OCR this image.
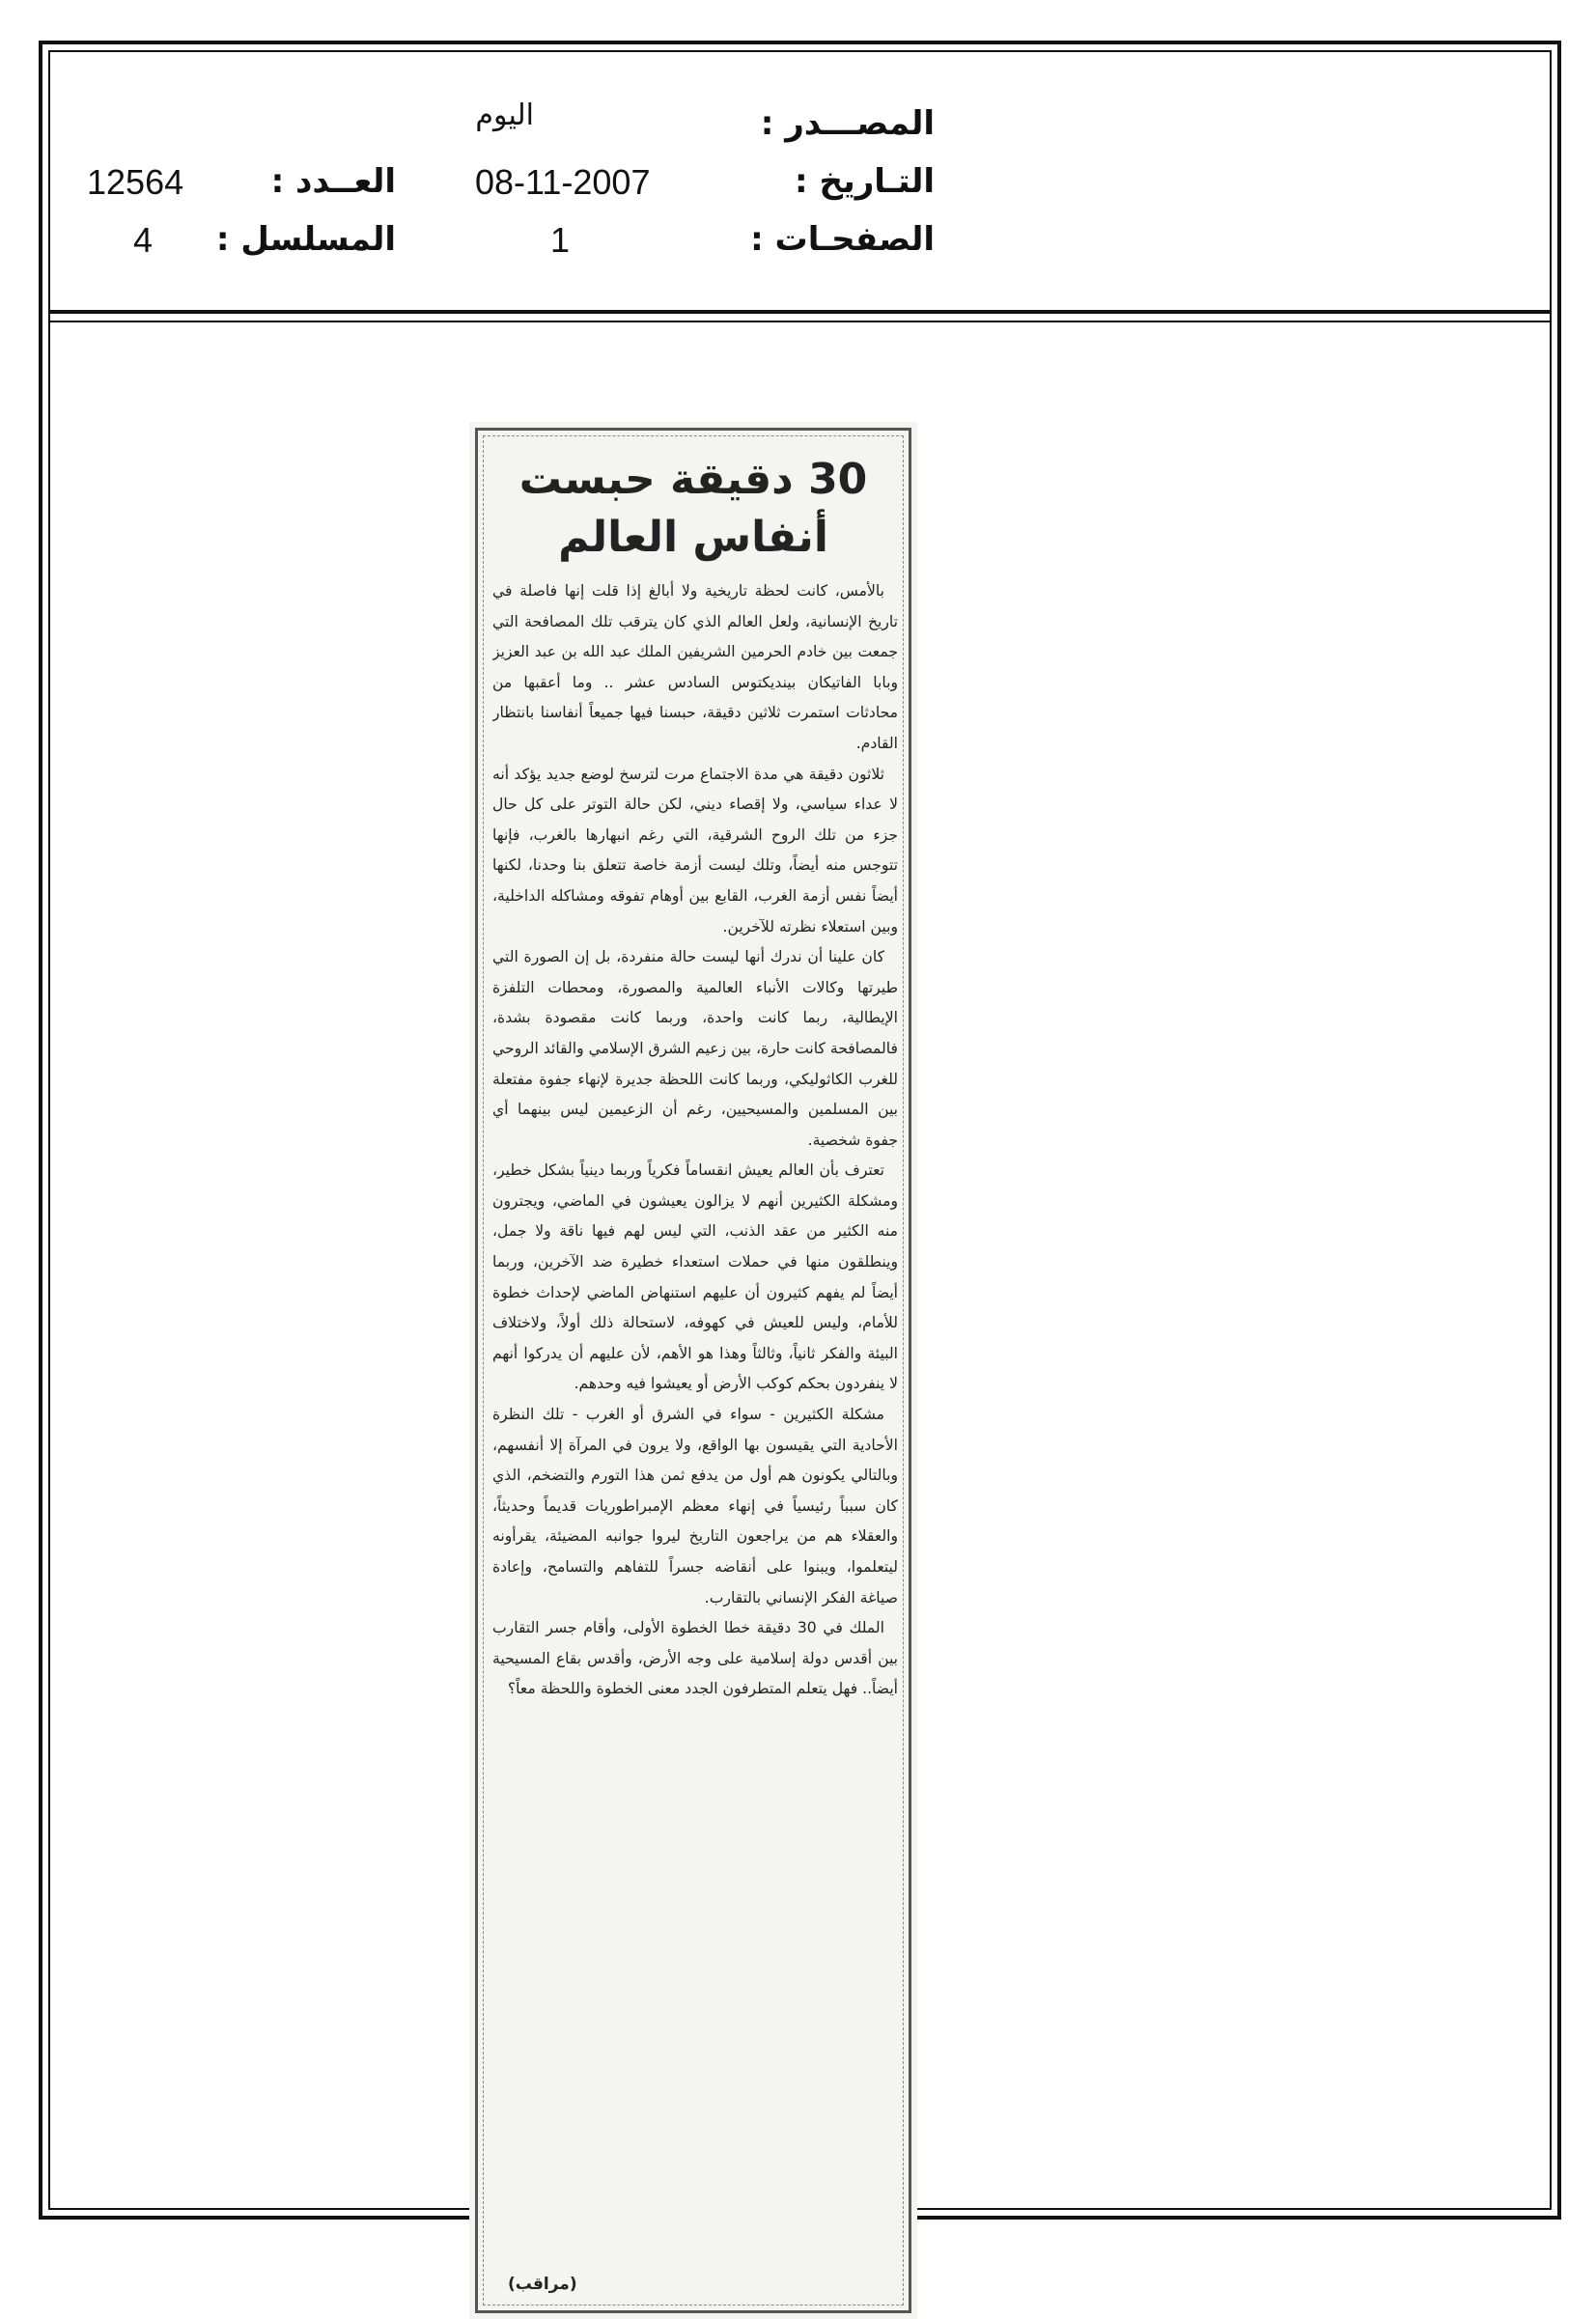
المصـــدر :
اليوم
التـاريخ :
08-11-2007
العــدد :
12564
الصفحـات :
1
المسلسل :
4
30 دقيقة حبست
أنفاس العالم

بالأمس، كانت لحظة تاريخية ولا أبالغ إذا قلت إنها فاصلة في تاريخ الإنسانية، ولعل العالم الذي كان يترقب تلك المصافحة التي جمعت بين خادم الحرمين الشريفين الملك عبد الله بن عبد العزيز وبابا الفاتيكان بينديكتوس السادس عشر .. وما أعقبها من محادثات استمرت ثلاثين دقيقة، حبسنا فيها جميعاً أنفاسنا بانتظار القادم.

ثلاثون دقيقة هي مدة الاجتماع مرت لترسخ لوضع جديد يؤكد أنه لا عداء سياسي، ولا إقصاء ديني، لكن حالة التوتر على كل حال جزء من تلك الروح الشرقية، التي رغم انبهارها بالغرب، فإنها تتوجس منه أيضاً، وتلك ليست أزمة خاصة تتعلق بنا وحدنا، لكنها أيضاً نفس أزمة الغرب، القابع بين أوهام تفوقه ومشاكله الداخلية، وبين استعلاء نظرته للآخرين.

كان علينا أن ندرك أنها ليست حالة منفردة، بل إن الصورة التي طيرتها وكالات الأنباء العالمية والمصورة، ومحطات التلفزة الإيطالية، ربما كانت واحدة، وربما كانت مقصودة بشدة، فالمصافحة كانت حارة، بين زعيم الشرق الإسلامي والقائد الروحي للغرب الكاثوليكي، وربما كانت اللحظة جديرة لإنهاء جفوة مفتعلة بين المسلمين والمسيحيين، رغم أن الزعيمين ليس بينهما أي جفوة شخصية.

تعترف بأن العالم يعيش انقساماً فكرياً وربما دينياً بشكل خطير، ومشكلة الكثيرين أنهم لا يزالون يعيشون في الماضي، ويجترون منه الكثير من عقد الذنب، التي ليس لهم فيها ناقة ولا جمل، وينطلقون منها في حملات استعداء خطيرة ضد الآخرين، وربما أيضاً لم يفهم كثيرون أن عليهم استنهاض الماضي لإحداث خطوة للأمام، وليس للعيش في كهوفه، لاستحالة ذلك أولاً، ولاختلاف البيئة والفكر ثانياً، وثالثاً وهذا هو الأهم، لأن عليهم أن يدركوا أنهم لا ينفردون بحكم كوكب الأرض أو يعيشوا فيه وحدهم.

مشكلة الكثيرين - سواء في الشرق أو الغرب - تلك النظرة الأحادية التي يقيسون بها الواقع، ولا يرون في المرآة إلا أنفسهم، وبالتالي يكونون هم أول من يدفع ثمن هذا التورم والتضخم، الذي كان سبباً رئيسياً في إنهاء معظم الإمبراطوريات قديماً وحديثاً، والعقلاء هم من يراجعون التاريخ ليروا جوانبه المضيئة، يقرأونه ليتعلموا، ويبنوا على أنقاضه جسراً للتفاهم والتسامح، وإعادة صياغة الفكر الإنساني بالتقارب.

الملك في 30 دقيقة خطا الخطوة الأولى، وأقام جسر التقارب بين أقدس دولة إسلامية على وجه الأرض، وأقدس بقاع المسيحية أيضاً.. فهل يتعلم المتطرفون الجدد معنى الخطوة واللحظة معاً؟

(مراقب)
